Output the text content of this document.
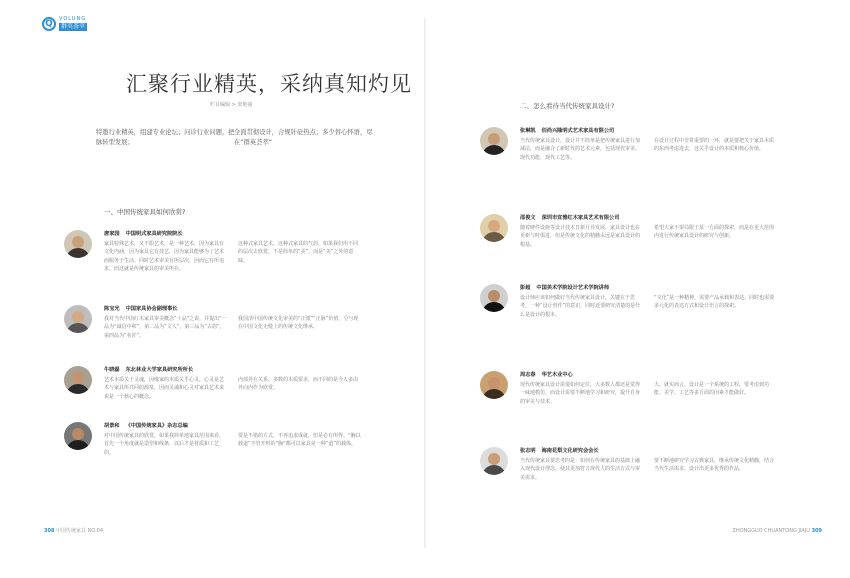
Q	VOLUNG
群英荟萃
汇聚行业精英，采纳真知灼见
栏目编辑 > 张艳丽
特邀行业精英，组建专业论坛；问诊行业问题，把脉转型发展；
全面贯彻设计，合规针砭热点；多少替心怀语，尽在“群英荟萃”
一、中国传统家具如何欣赏?
唐家园 中国明式家具研究院院长
家具特殊艺术，又不限艺术，是一种艺术，因为家具有文化内涵，因为家具它有技艺，因为家具能够为了艺术而服务于生活，同时艺术审美有所层次，因而它有所追求，而这就是传统家具的审美所在。
这种式家具艺术，这种式家具的气韵，如果我们用不同的层次去欣赏，不是简单的“美”，而是“美”之外的意味。
陈宝光 中国家具协会副理事长
我对当代中国红木家具审美概念“十品”之说，并提出“一品为“诚信中和”，第二品为“文人”，第三品为“古韵”，第四品为“名匠”。
我国清中国传统文化审美的“正派”“正脉”价值，分与现在中国文化无缝上的传统文化继承。
牛晓磊 东北林业大学家具研究所所长
艺术本质关于灵魂，因缘家的本质关乎心灵，心灵是艺术与家具所共同的源泉，因而灵魂和心灵对家具艺术来说是一个核心的概念。
内部外在关系、多数的本质要求，而不同的是今人多由外向内作为欣赏。
胡景和 《中国传统家具》杂志总编
对中国传统家具的欣赏，如果我简单地家具范围来看，首先一个角度就是造型和线条，以后才是材质和工艺的。
要是不错的方式，不再追求成就，但是必有所得。“胸以载道”不管开料的“胸”都可以家具是一种“道”的载体。
308 中国传统家具 NO.04
二、怎么看待当代传统家具设计?
张琳凯 佰尚兴隆明式艺术家具有限公司
当代传统家具设计，设计并不简单是把传统家具进行加减法，而是融合了新时代的艺术元素，包括现代审美、现代功能、现代工艺等。
在设计过程中非常重要的一环，就是要把关于家具本质的东西考虑进去，这关乎设计的本质和核心价值。
邵俊文 深圳市宜雅红木家具艺术有限公司
随着硬件设施等设计技术日新月异发展，家具设计也在更新与时俱进，但是传统文化的精髓永远是家具设计的根基。
希望大家不要局限于某一方面的探索，而是在更大范围内进行传统家具设计的研究与创新。
彭超 中国美术学院设计艺术学院讲师
设计师应该如何做好当代传统家具设计，关键在于思考，一种“设计创作”的意识，同时还要研究清楚的是什么是设计的根本。
“文化”是一种精神，需要产品承载和表达，同时也需要多元化的表达方式和设计语言的探索。
周志春 华艺木业中心
现代传统家具设计需要如何定位，大多数人都还是觉得一味地模仿，而设计需要不断地学习和研究，提升自身的审美与技术。
大、就实而言，设计是一个系统的工程，要考虑到功能、美学、工艺等多方面的因素才能做好。
张志明 海南花梨文化研究会会长
当代传统家具要思考的是：如何在传统家具的基础上融入现代设计理念，使其更加符合现代人的生活方式与审美需求。
要不断地研究学习古典家具，继承传统文化精髓，结合当代生活需求，设计出更多优秀的作品。
ZHONGGUO CHUANTONG JIAJU 309
